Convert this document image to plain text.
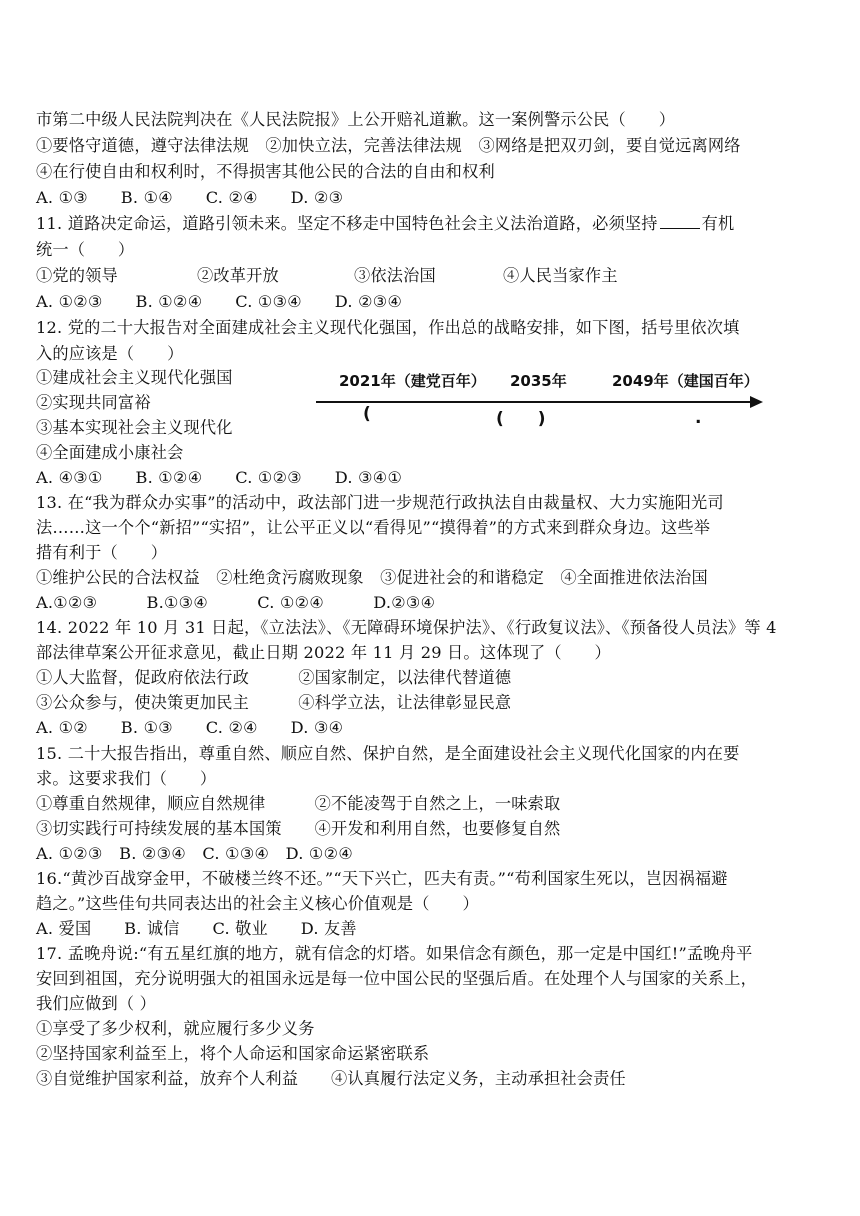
市第二中级人民法院判决在《人民法院报》上公开赔礼道歉。这一案例警示公民（　　）
①要恪守道德，遵守法律法规　②加快立法，完善法律法规　③网络是把双刃剑，要自觉远离网络
④在行使自由和权利时，不得损害其他公民的合法的自由和权利
A. ①③　　B. ①④　　C. ②④　　D. ②③
11. 道路决定命运，道路引领未来。坚定不移走中国特色社会主义法治道路，必须坚持	有机
统一（　　）
①党的领导	②改革开放	③依法治国	④人民当家作主
A. ①②③　　B. ①②④　　C. ①③④　　D. ②③④
12. 党的二十大报告对全面建成社会主义现代化强国，作出总的战略安排，如下图，括号里依次填
入的应该是（　　）
①建成社会主义现代化强国
②实现共同富裕
③基本实现社会主义现代化
④全面建成小康社会
A. ④③①　　B. ①②④　　C. ①②③　　D. ③④①
2021年（建党百年） 2035年	2049年（建国百年）
(	(　　)	.
13. 在“我为群众办实事”的活动中，政法部门进一步规范行政执法自由裁量权、大力实施阳光司
法……这一个个“新招”“实招”，让公平正义以“看得见”“摸得着”的方式来到群众身边。这些举
措有利于（　　）
①维护公民的合法权益　②杜绝贪污腐败现象　③促进社会的和谐稳定　④全面推进依法治国
A.①②③　　　B.①③④　　　C. ①②④　　　D.②③④
14. 2022 年 10 月 31 日起，《立法法》、《无障碍环境保护法》、《行政复议法》、《预备役人员法》等 4
部法律草案公开征求意见，截止日期 2022 年 11 月 29 日。这体现了（　　）
①人大监督，促政府依法行政　　　②国家制定，以法律代替道德
③公众参与，使决策更加民主　　　④科学立法，让法律彰显民意
A. ①②　　B. ①③　　C. ②④　　D. ③④
15. 二十大报告指出，尊重自然、顺应自然、保护自然，是全面建设社会主义现代化国家的内在要
求。这要求我们（　　）
①尊重自然规律，顺应自然规律　　　②不能凌驾于自然之上，一味索取
③切实践行可持续发展的基本国策　　④开发和利用自然，也要修复自然
A. ①②③　B. ②③④　C. ①③④　D. ①②④
16.“黄沙百战穿金甲，不破楼兰终不还。”“天下兴亡，匹夫有责。”“苟利国家生死以，岂因祸福避
趋之。”这些佳句共同表达出的社会主义核心价值观是（　　）
A. 爱国　　B. 诚信　　C. 敬业　　D. 友善
17. 孟晚舟说:“有五星红旗的地方，就有信念的灯塔。如果信念有颜色，那一定是中国红!”孟晚舟平
安回到祖国，充分说明强大的祖国永远是每一位中国公民的坚强后盾。在处理个人与国家的关系上，
我们应做到（ ）
①享受了多少权利，就应履行多少义务
②坚持国家利益至上，将个人命运和国家命运紧密联系
③自觉维护国家利益，放弃个人利益　　④认真履行法定义务，主动承担社会责任
